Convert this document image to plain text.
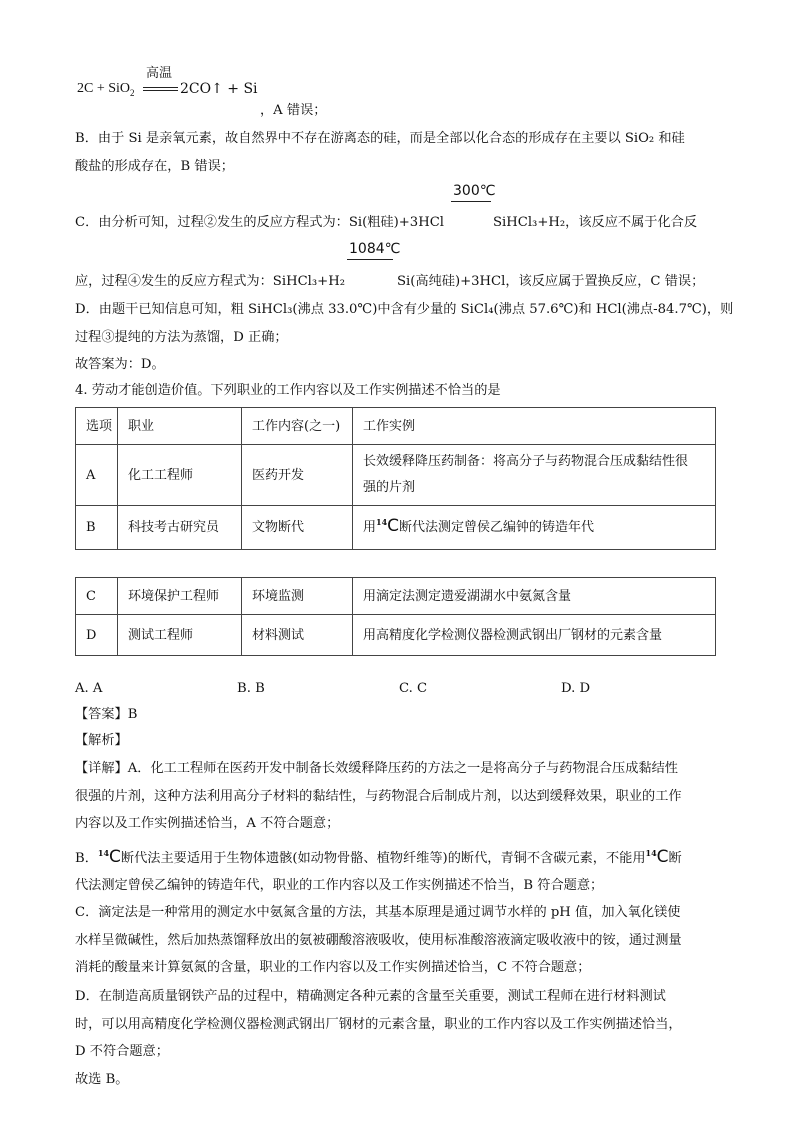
2C + SiO$_2$
高温
2CO↑ + Si
，A 错误；
B．由于 Si 是亲氧元素，故自然界中不存在游离态的硅，而是全部以化合态的形成存在主要以 SiO₂ 和硅
酸盐的形成存在，B 错误；
300℃
C．由分析可知，过程②发生的反应方程式为：Si(粗硅)+3HCl	SiHCl₃+H₂，该反应不属于化合反
1084℃
应，过程④发生的反应方程式为：SiHCl₃+H₂	Si(高纯硅)+3HCl，该反应属于置换反应，C 错误；
D．由题干已知信息可知，粗 SiHCl₃(沸点 33.0℃)中含有少量的 SiCl₄(沸点 57.6℃)和 HCl(沸点-84.7℃)，则
过程③提纯的方法为蒸馏，D 正确；
故答案为：D。
4. 劳动才能创造价值。下列职业的工作内容以及工作实例描述不恰当的是
选项	职业	工作内容(之一)	工作实例
A	化工工程师	医药开发	长效缓释降压药制备：将高分子与药物混合压成黏结性很
强的片剂

B	科技考古研究员	文物断代	用$^{14}$C断代法测定曾侯乙编钟的铸造年代
C	环境保护工程师	环境监测	用滴定法测定遗爱湖湖水中氨氮含量
D	测试工程师	材料测试	用高精度化学检测仪器检测武钢出厂钢材的元素含量
A. A	B. B	C. C	D. D
【答案】B
【解析】
【详解】A．化工工程师在医药开发中制备长效缓释降压药的方法之一是将高分子与药物混合压成黏结性
很强的片剂，这种方法利用高分子材料的黏结性，与药物混合后制成片剂，以达到缓释效果，职业的工作
内容以及工作实例描述恰当，A 不符合题意；
B．$^{14}$C断代法主要适用于生物体遗骸(如动物骨骼、植物纤维等)的断代，青铜不含碳元素，不能用$^{14}$C断
代法测定曾侯乙编钟的铸造年代，职业的工作内容以及工作实例描述不恰当，B 符合题意；
C．滴定法是一种常用的测定水中氨氮含量的方法，其基本原理是通过调节水样的 pH 值，加入氧化镁使
水样呈微碱性，然后加热蒸馏释放出的氨被硼酸溶液吸收，使用标准酸溶液滴定吸收液中的铵，通过测量
消耗的酸量来计算氨氮的含量，职业的工作内容以及工作实例描述恰当，C 不符合题意；
D．在制造高质量钢铁产品的过程中，精确测定各种元素的含量至关重要，测试工程师在进行材料测试
时，可以用高精度化学检测仪器检测武钢出厂钢材的元素含量，职业的工作内容以及工作实例描述恰当，
D 不符合题意；
故选 B。
